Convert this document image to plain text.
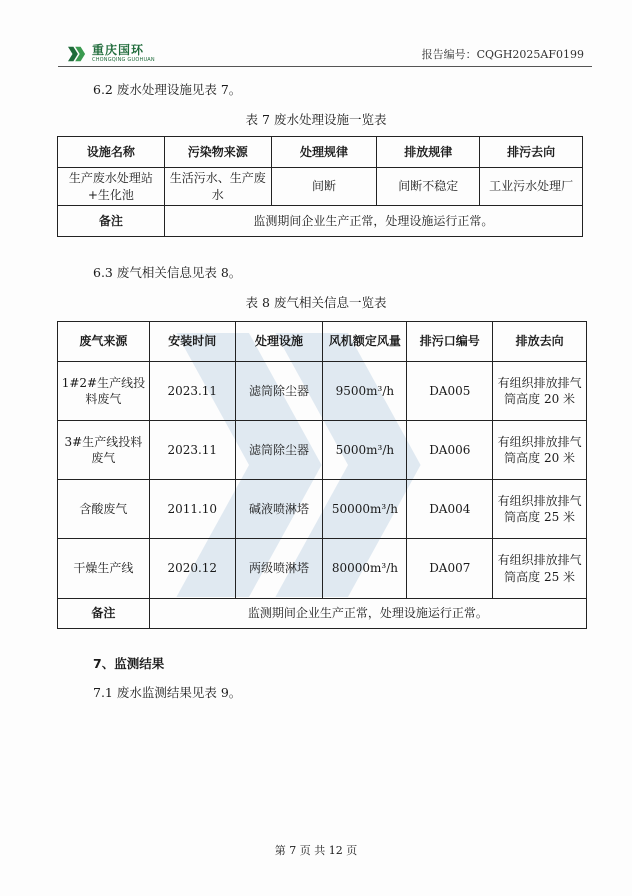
重庆国环
CHONGQING GUOHUAN	报告编号：CQGH2025AF0199
6.2 废水处理设施见表 7。
表 7 废水处理设施一览表
设施名称	污染物来源	处理规律	排放规律	排污去向
生产废水处理站+生化池	生活污水、生产废水	间断	间断不稳定	工业污水处理厂
备注	监测期间企业生产正常，处理设施运行正常。			
6.3 废气相关信息见表 8。
表 8 废气相关信息一览表
废气来源	安装时间	处理设施	风机额定风量	排污口编号	排放去向
1#2#生产线投料废气	2023.11	滤筒除尘器	9500m³/h	DA005	有组织排放排气筒高度 20 米
3#生产线投料废气	2023.11	滤筒除尘器	5000m³/h	DA006	有组织排放排气筒高度 20 米
含酸废气	2011.10	碱液喷淋塔	50000m³/h	DA004	有组织排放排气筒高度 25 米
干燥生产线	2020.12	两级喷淋塔	80000m³/h	DA007	有组织排放排气筒高度 25 米
备注	监测期间企业生产正常，处理设施运行正常。				
7、监测结果
7.1 废水监测结果见表 9。
第 7 页 共 12 页
